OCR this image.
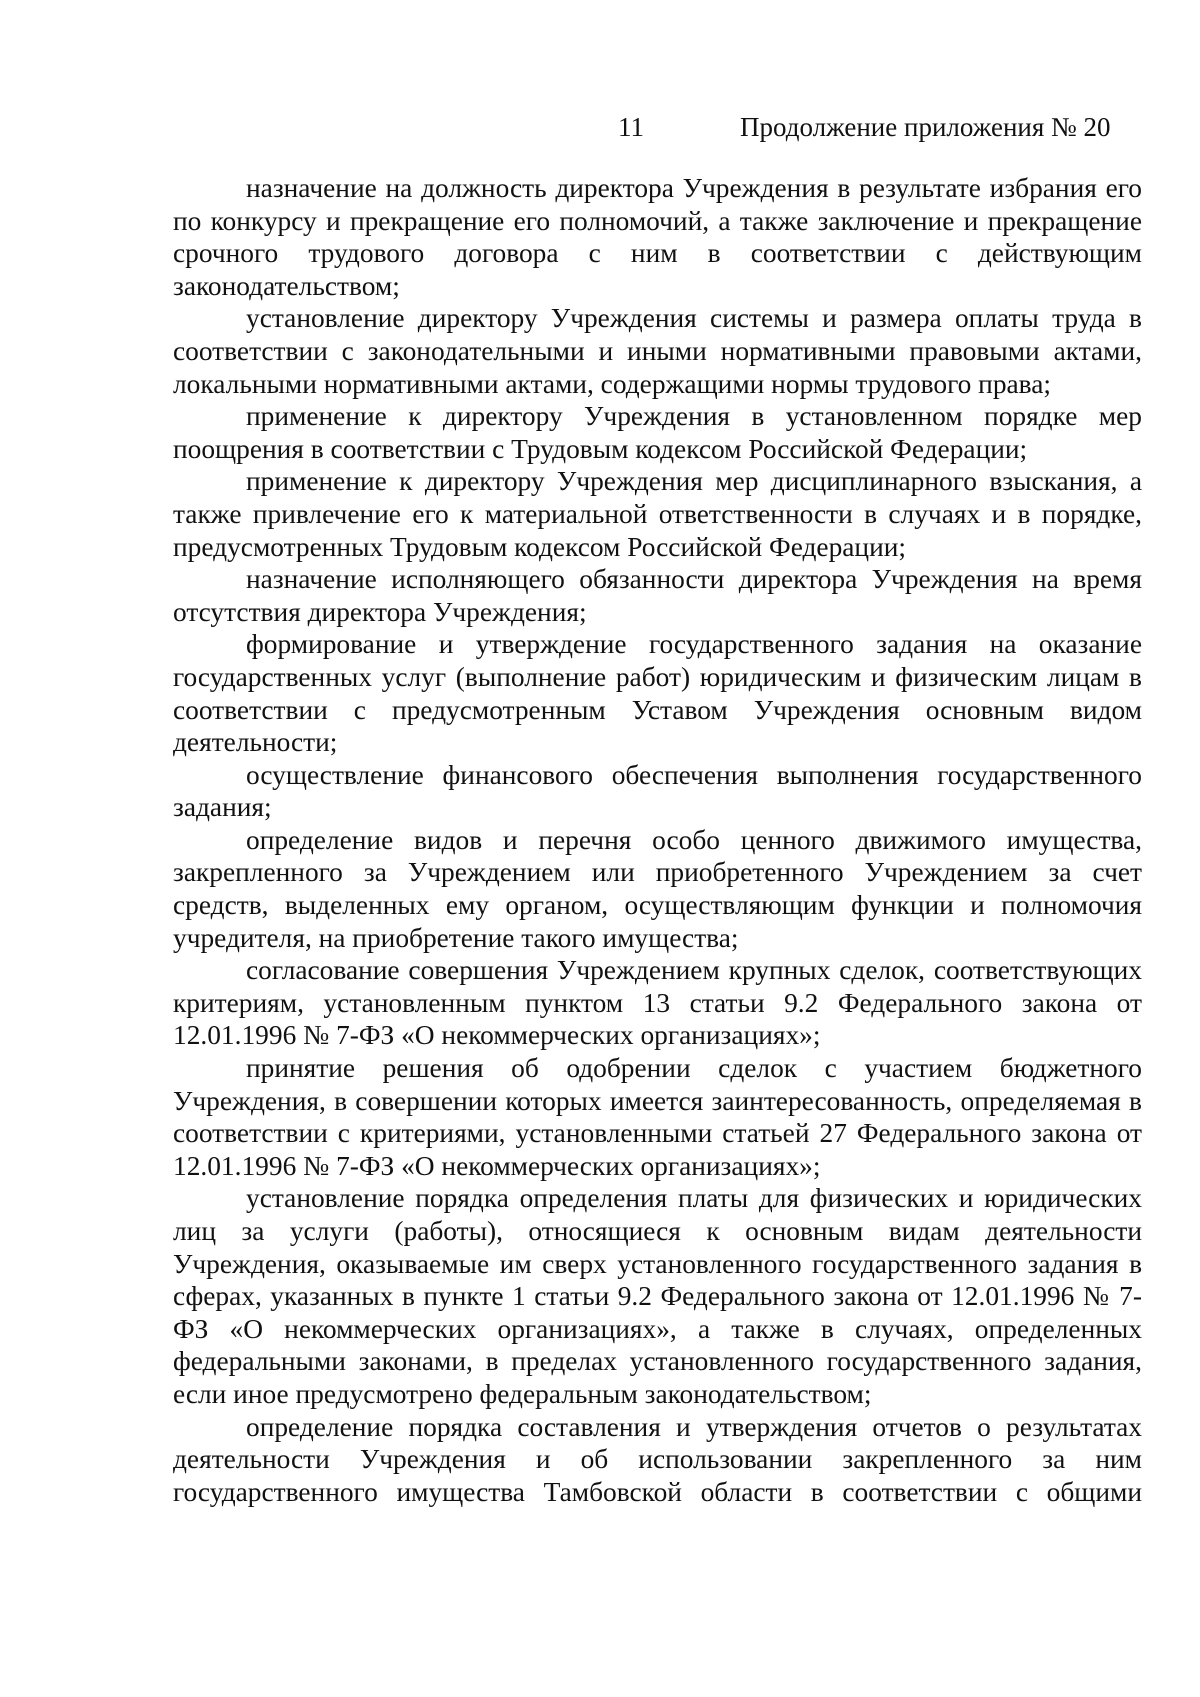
11	Продолжение приложения № 20

назначение на должность директора Учреждения в результате избрания его по конкурсу и прекращение его полномочий, а также заключение и прекращение срочного трудового договора с ним в соответствии с действующим законодательством;

установление директору Учреждения системы и размера оплаты труда в соответствии с законодательными и иными нормативными правовыми актами, локальными нормативными актами, содержащими нормы трудового права;

применение к директору Учреждения в установленном порядке мер поощрения в соответствии с Трудовым кодексом Российской Федерации;

применение к директору Учреждения мер дисциплинарного взыскания, а также привлечение его к материальной ответственности в случаях и в порядке, предусмотренных Трудовым кодексом Российской Федерации;

назначение исполняющего обязанности директора Учреждения на время отсутствия директора Учреждения;

формирование и утверждение государственного задания на оказание государственных услуг (выполнение работ) юридическим и физическим лицам в соответствии с предусмотренным Уставом Учреждения основным видом деятельности;

осуществление финансового обеспечения выполнения государственного задания;

определение видов и перечня особо ценного движимого имущества, закрепленного за Учреждением или приобретенного Учреждением за счет средств, выделенных ему органом, осуществляющим функции и полномочия учредителя, на приобретение такого имущества;

согласование совершения Учреждением крупных сделок, соответствующих критериям, установленным пунктом 13 статьи 9.2 Федерального закона от 12.01.1996 № 7-ФЗ «О некоммерческих организациях»;

принятие решения об одобрении сделок с участием бюджетного Учреждения, в совершении которых имеется заинтересованность, определяемая в соответствии с критериями, установленными статьей 27 Федерального закона от 12.01.1996 № 7-ФЗ «О некоммерческих организациях»;

установление порядка определения платы для физических и юридических лиц за услуги (работы), относящиеся к основным видам деятельности Учреждения, оказываемые им сверх установленного государственного задания в сферах, указанных в пункте 1 статьи 9.2 Федерального закона от 12.01.1996 № 7-ФЗ «О некоммерческих организациях», а также в случаях, определенных федеральными законами, в пределах установленного государственного задания, если иное предусмотрено федеральным законодательством;

определение порядка составления и утверждения отчетов о результатах деятельности Учреждения и об использовании закрепленного за ним государственного имущества Тамбовской области в соответствии с общими
